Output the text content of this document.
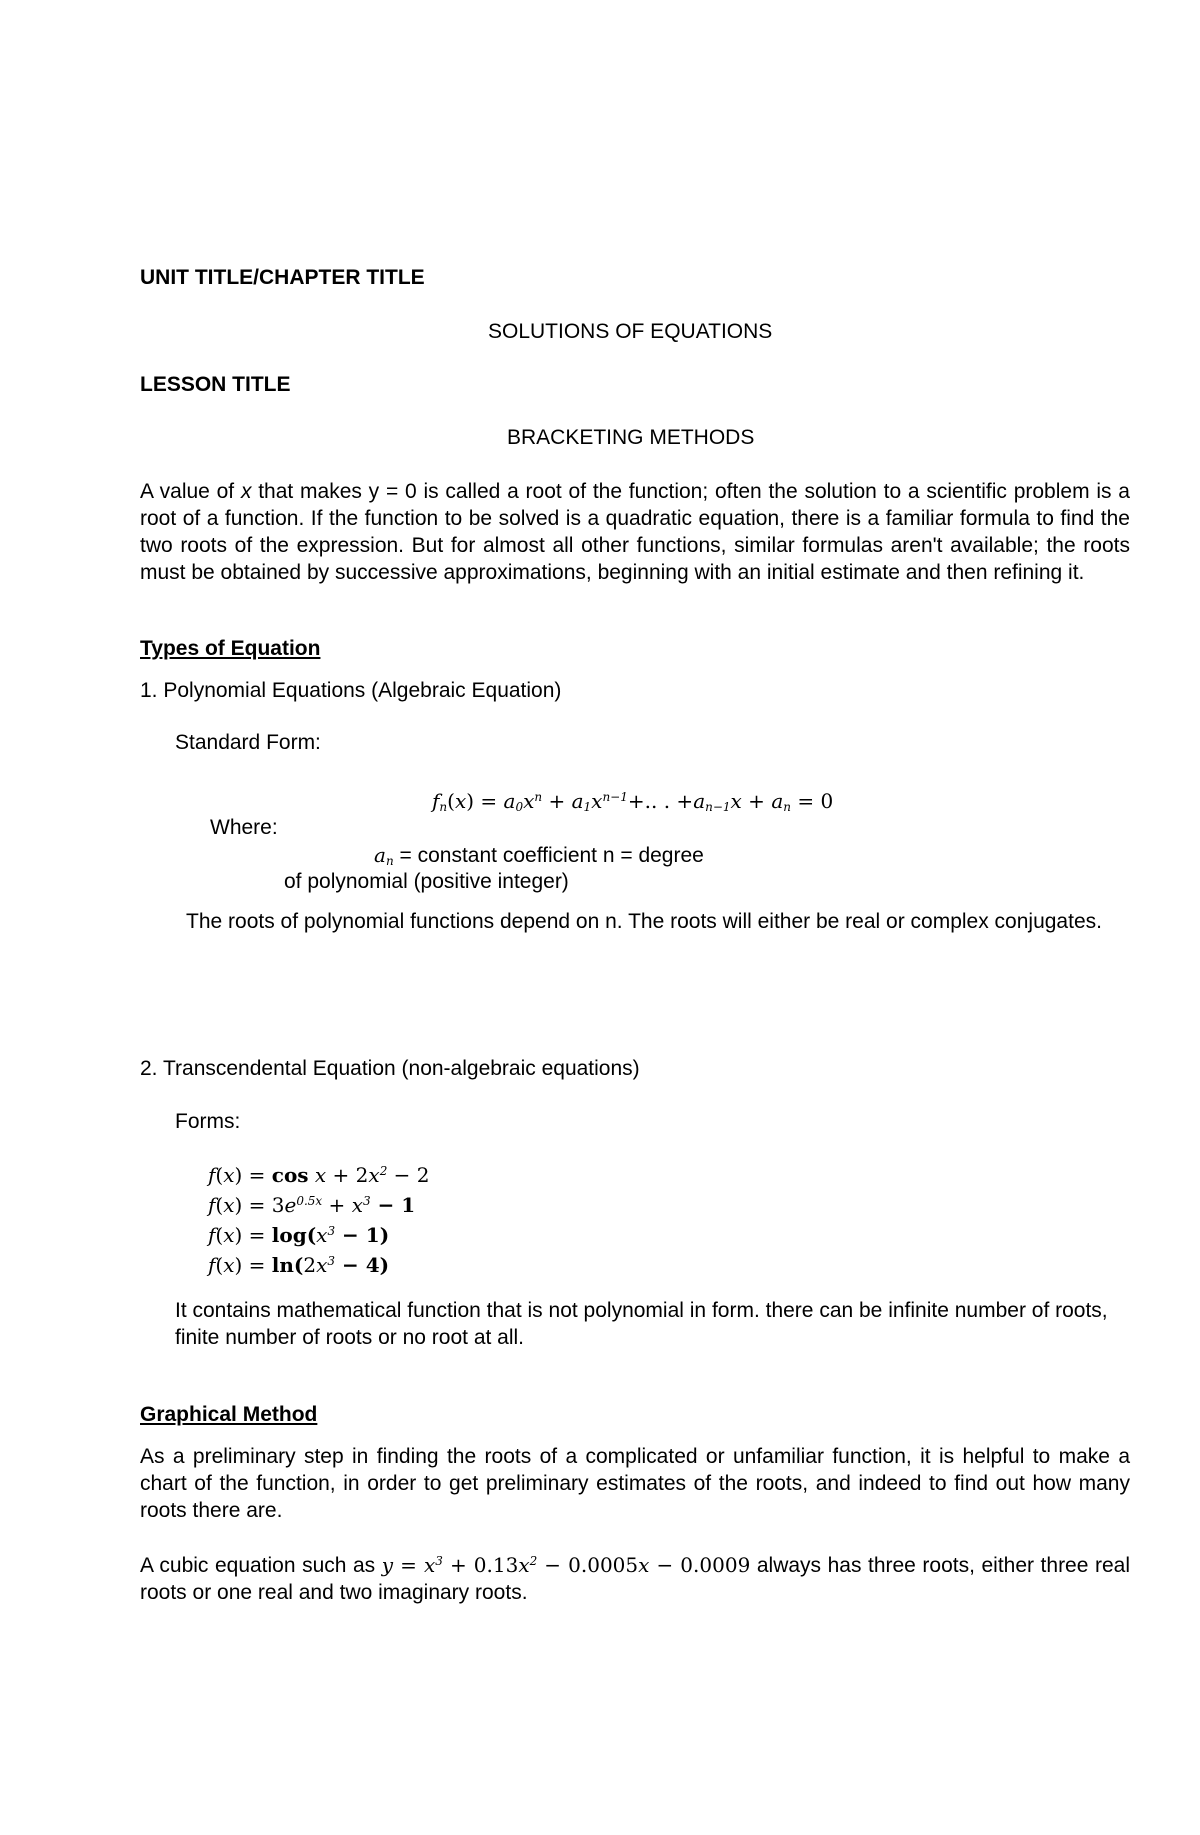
UNIT TITLE/CHAPTER TITLE
SOLUTIONS OF EQUATIONS
LESSON TITLE
BRACKETING METHODS
A value of x that makes y = 0 is called a root of the function; often the solution to a scientific problem is a root of a function. If the function to be solved is a quadratic equation, there is a familiar formula to find the two roots of the expression. But for almost all other functions, similar formulas aren't available; the roots must be obtained by successive approximations, beginning with an initial estimate and then refining it.
Types of Equation
1. Polynomial Equations (Algebraic Equation)
Standard Form:
$f_n(x) = a_0x^n + a_1x^{n-1}+$.. . $+a_{n-1}x + a_n = 0$
Where:
$a_n$ = constant coefficient n = degree
of polynomial (positive integer)
The roots of polynomial functions depend on n. The roots will either be real or complex conjugates.
2. Transcendental Equation (non-algebraic equations)
Forms:
$f(x) = \cos x + 2x^2 - 2$
$f(x) = 3e^{0.5x} + x^3 - 1$
$f(x) = \log(x^3 - 1)$
$f(x) = \ln(2x^3 - 4)$
It contains mathematical function that is not polynomial in form. there can be infinite number of roots, finite number of roots or no root at all.
Graphical Method
As a preliminary step in finding the roots of a complicated or unfamiliar function, it is helpful to make a chart of the function, in order to get preliminary estimates of the roots, and indeed to find out how many roots there are.
A cubic equation such as $y = x^3 + 0.13x^2 - 0.0005x - 0.0009$ always has three roots, either three real roots or one real and two imaginary roots.
